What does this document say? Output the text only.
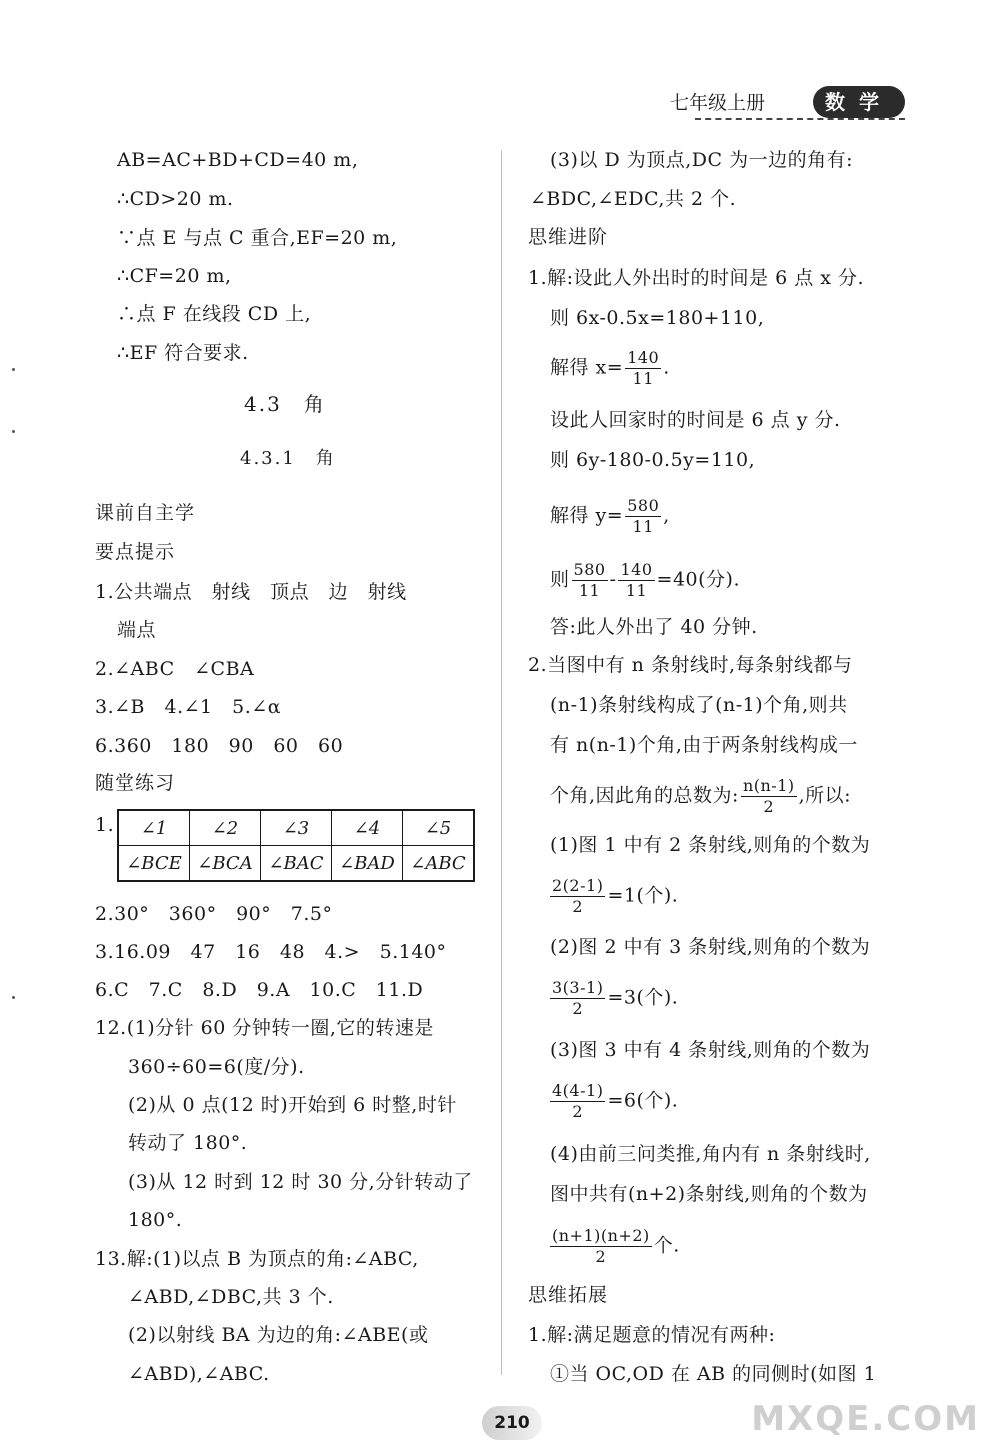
七年级上册	数学
AB=AC+BD+CD=40 m,
∴CD>20 m.
∵点 E 与点 C 重合,EF=20 m,
∴CF=20 m,
∴点 F 在线段 CD 上,
∴EF 符合要求.
4.3　角
4.3.1　角
课前自主学
要点提示
1.公共端点　射线　顶点　边　射线
端点
2.∠ABC　∠CBA
3.∠B　4.∠1　5.∠α
6.360　180　90　60　60
随堂练习
1. ∠1	∠2	∠3	∠4	∠5
∠BCE	∠BCA	∠BAC	∠BAD	∠ABC
2.30°　360°　90°　7.5°
3.16.09　47　16　48　4.>　5.140°
6.C　7.C　8.D　9.A　10.C　11.D
12.(1)分针 60 分钟转一圈,它的转速是
360÷60=6(度/分).
(2)从 0 点(12 时)开始到 6 时整,时针
转动了 180°.
(3)从 12 时到 12 时 30 分,分针转动了
180°.
13.解:(1)以点 B 为顶点的角:∠ABC,
∠ABD,∠DBC,共 3 个.
(2)以射线 BA 为边的角:∠ABE(或
∠ABD),∠ABC.
(3)以 D 为顶点,DC 为一边的角有:
∠BDC,∠EDC,共 2 个.
思维进阶
1.解:设此人外出时的时间是 6 点 x 分.
则 6x-0.5x=180+110,
解得 $x= \frac{140}{11}$ .
设此人回家时的时间是 6 点 y 分.
则 6y-180-0.5y=110,
解得 $y= \frac{580}{11}$ ,
则 $\frac{580}{11} - \frac{140}{11} =40$(分).
答:此人外出了 40 分钟.
2.当图中有 n 条射线时,每条射线都与
(n-1)条射线构成了(n-1)个角,则共
有 n(n-1)个角,由于两条射线构成一
个角,因此角的总数为: $\frac{n(n-1)}{2}$ ,所以:
(1)图 1 中有 2 条射线,则角的个数为
$\frac{2(2-1)}{2} =1$(个).
(2)图 2 中有 3 条射线,则角的个数为
$\frac{3(3-1)}{2} =3$(个).
(3)图 3 中有 4 条射线,则角的个数为
$\frac{4(4-1)}{2} =6$(个).
(4)由前三问类推,角内有 n 条射线时,
图中共有(n+2)条射线,则角的个数为
$\frac{(n+1)(n+2)}{2}$ 个.
思维拓展
1.解:满足题意的情况有两种:
①当 OC,OD 在 AB 的同侧时(如图 1
210	MXQE.COM
